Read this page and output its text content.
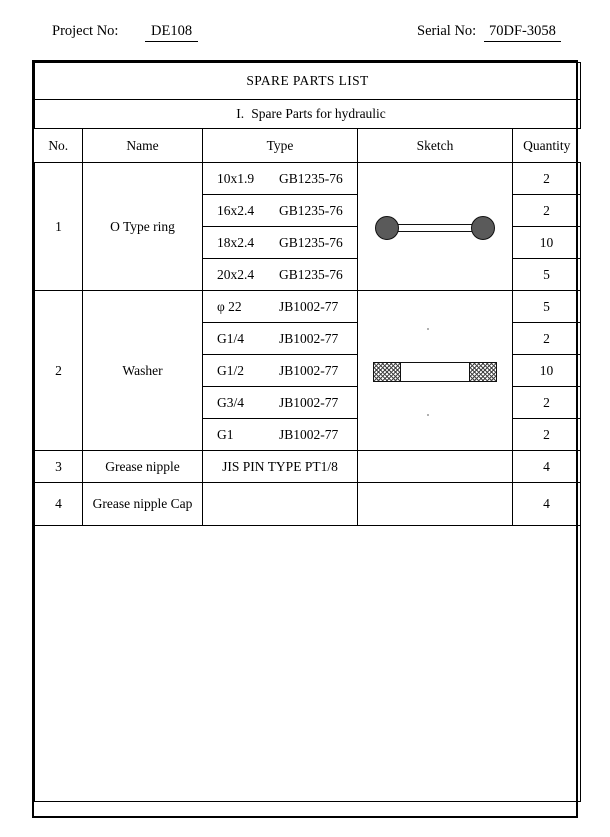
Project No:	DE108	Serial No: 70DF-3058
SPARE PARTS LIST				
I. Spare Parts for hydraulic				
No.	Name	Type	Sketch	Quantity
1	O Type ring	10x1.9 GB1235-76		2

		16x2.4 GB1235-76		2

		18x2.4 GB1235-76		10

		20x2.4 GB1235-76		5
2	Washer	φ 22 JB1002-77		5

		G1/4 JB1002-77		2

		G1/2 JB1002-77		10

		G3/4 JB1002-77		2

		G1 JB1002-77		2
3	Grease nipple	JIS PIN TYPE PT1/8		4
4	Grease nipple Cap			4
